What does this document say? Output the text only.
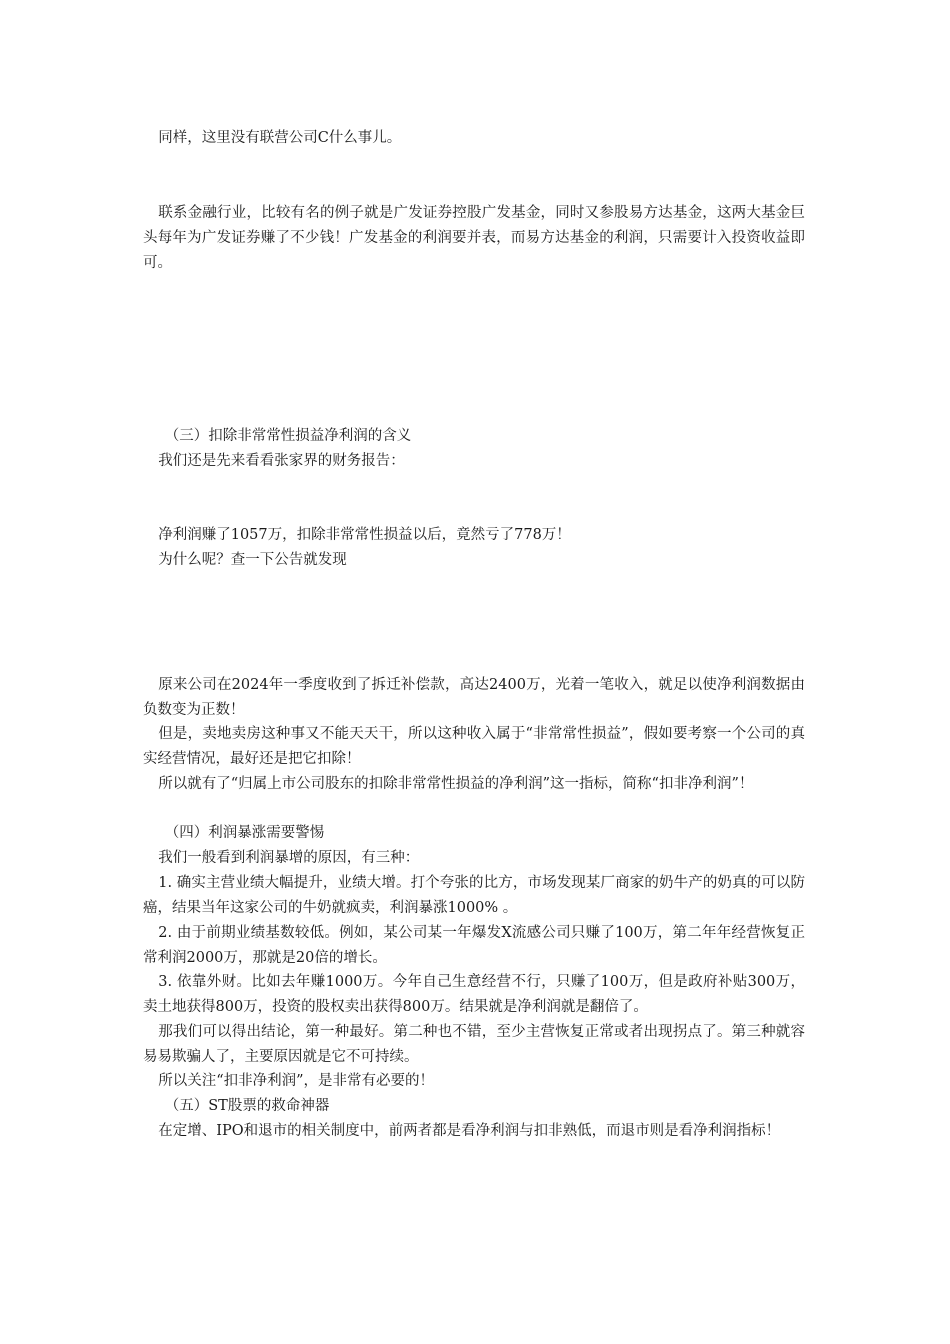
同样，这里没有联营公司C什么事儿。

联系金融行业，比较有名的例子就是广发证券控股广发基金，同时又参股易方达基金，这两大基金巨头每年为广发证券赚了不少钱！广发基金的利润要并表，而易方达基金的利润，只需要计入投资收益即可。

（三）扣除非常常性损益净利润的含义

我们还是先来看看张家界的财务报告：

净利润赚了1057万，扣除非常常性损益以后，竟然亏了778万！

为什么呢？查一下公告就发现

原来公司在2024年一季度收到了拆迁补偿款，高达2400万，光着一笔收入，就足以使净利润数据由负数变为正数！

但是，卖地卖房这种事又不能天天干，所以这种收入属于“非常常性损益”，假如要考察一个公司的真实经营情况，最好还是把它扣除！

所以就有了“归属上市公司股东的扣除非常常性损益的净利润”这一指标，简称“扣非净利润”！

（四）利润暴涨需要警惕

我们一般看到利润暴增的原因，有三种：

1. 确实主营业绩大幅提升，业绩大增。打个夸张的比方，市场发现某厂商家的奶牛产的奶真的可以防癌，结果当年这家公司的牛奶就疯卖，利润暴涨1000% 。

2. 由于前期业绩基数较低。例如，某公司某一年爆发X流感公司只赚了100万，第二年年经营恢复正常利润2000万，那就是20倍的增长。

3. 依靠外财。比如去年赚1000万。今年自己生意经营不行，只赚了100万，但是政府补贴300万，卖土地获得800万，投资的股权卖出获得800万。结果就是净利润就是翻倍了。

那我们可以得出结论，第一种最好。第二种也不错，至少主营恢复正常或者出现拐点了。第三种就容易易欺骗人了，主要原因就是它不可持续。

所以关注“扣非净利润”，是非常有必要的！

（五）ST股票的救命神器

在定增、IPO和退市的相关制度中，前两者都是看净利润与扣非熟低，而退市则是看净利润指标！
